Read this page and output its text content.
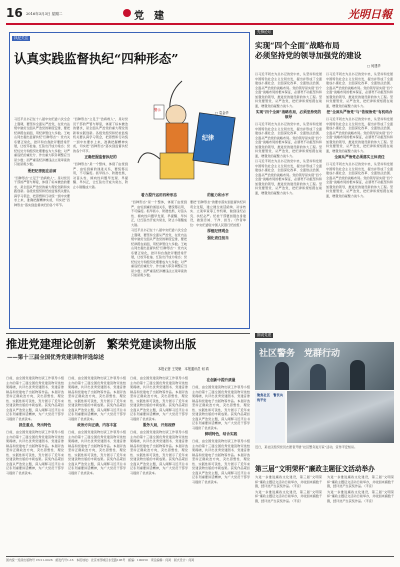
16 2016年3月3日 星期二	党　建	光明日報
执纪关注
认真实践监督执纪“四种形态”
□ 袁金华
纪律
警示

习近平总书记在十八届中央纪委六次全会上强调，要坚持全面从严治党，在党内法规中做好全面从严治党的制度安排，要把纪律挺在前面，用纪律管住大多数。王岐山同志提出监督执纪“四种形态”：党内关系要正常化，批评和自我批评要经常开展，让咬耳扯袖、红脸出汗成为常态；党纪轻处分和组织处理要成为大多数；对严重违纪的重处分、作出重大职务调整应当是少数；而严重违纪涉嫌违法立案审查的只能是极少数。

要把纪律挺在前面

“四种形态”立足于“治病救人”，是对党员干部的严管与厚爱，体现了标本兼治的要求，是全面从严治党的重大理论创新和实践创新。各级党组织和纪检监察机关要认真学习领会，把思想和行动统一到中央要求上来，准确把握精神实质，切实把“四种形态”落实到监督执纪的各个环节。

“四种形态”立足于“治病救人”，是对党员干部的严管与厚爱，体现了标本兼治的要求，是全面从严治党的重大理论创新和实践创新。各级党组织和纪检监察机关要认真学习领会，把思想和行动统一到中央要求上来，准确把握精神实质，切实把“四种形态”落实到监督执纪的各个环节。

正确把握监督执纪的

“四种形态”是一个整体，体现了由宽到严、由轻到重的递进关系，要统筹运用，不可偏废。抓早抓小、防微杜渐，对苗头性、倾向性问题早发现、早提醒、早纠正，让红脸出汗成为常态，防止小错酿成大错。

着力提升运用四种形态

“四种形态”是一个整体，体现了由宽到严、由轻到重的递进关系，要统筹运用，不可偏废。抓早抓小、防微杜渐，对苗头性、倾向性问题早发现、早提醒、早纠正，让红脸出汗成为常态，防止小错酿成大错。

习近平总书记在十八届中央纪委六次全会上强调，要坚持全面从严治党，在党内法规中做好全面从严治党的制度安排，要把纪律挺在前面，用纪律管住大多数。王岐山同志提出监督执纪“四种形态”：党内关系要正常化，批评和自我批评要经常开展，让咬耳扯袖、红脸出汗成为常态；党纪轻处分和组织处理要成为大多数；对严重违纪的重处分、作出重大职务调整应当是少数；而严重违纪涉嫌违法立案审查的只能是极少数。

的能力和水平

要把“四种形态”的要求落实到监督执纪问责全过程，建立健全谈话函询、初步核实、立案审查等工作机制，做到违纪必究、执纪必严。纪检干部要加强自身建设，做到忠诚、干净、担当。（作者单位：中央纪委驻中国人民银行纪检组）

厚植纪律观念
强化责任担当
先锋论坛
实现“四个全面”战略布局
必须坚持党的领导加强党的建设
□ 何建华

以习近平同志为总书记的党中央，从坚持和发展中国特色社会主义全局出发，提出并形成了全面建成小康社会、全面深化改革、全面依法治国、全面从严治党的战略布局。党的领导是实现“四个全面”战略布局的根本保证，必须毫不动摇坚持和加强党的领导，推进党的建设新的伟大工程。坚持党要管党、从严治党，把纪律和规矩挺在前面，增强党的凝聚力战斗力。

实现“四个全面”战略布局，必须坚持党的领导

以习近平同志为总书记的党中央，从坚持和发展中国特色社会主义全局出发，提出并形成了全面建成小康社会、全面深化改革、全面依法治国、全面从严治党的战略布局。党的领导是实现“四个全面”战略布局的根本保证，必须毫不动摇坚持和加强党的领导，推进党的建设新的伟大工程。坚持党要管党、从严治党，把纪律和规矩挺在前面，增强党的凝聚力战斗力。

以习近平同志为总书记的党中央，从坚持和发展中国特色社会主义全局出发，提出并形成了全面建成小康社会、全面深化改革、全面依法治国、全面从严治党的战略布局。党的领导是实现“四个全面”战略布局的根本保证，必须毫不动摇坚持和加强党的领导，推进党的建设新的伟大工程。坚持党要管党、从严治党，把纪律和规矩挺在前面，增强党的凝聚力战斗力。

以习近平同志为总书记的党中央，从坚持和发展中国特色社会主义全局出发，提出并形成了全面建成小康社会、全面深化改革、全面依法治国、全面从严治党的战略布局。党的领导是实现“四个全面”战略布局的根本保证，必须毫不动摇坚持和加强党的领导，推进党的建设新的伟大工程。坚持党要管党、从严治党，把纪律和规矩挺在前面，增强党的凝聚力战斗力。

把“全面从严治党”与“依规治党”有机结合

以习近平同志为总书记的党中央，从坚持和发展中国特色社会主义全局出发，提出并形成了全面建成小康社会、全面深化改革、全面依法治国、全面从严治党的战略布局。党的领导是实现“四个全面”战略布局的根本保证，必须毫不动摇坚持和加强党的领导，推进党的建设新的伟大工程。坚持党要管党、从严治党，把纪律和规矩挺在前面，增强党的凝聚力战斗力。

全面从严治党必须落实主体责任

以习近平同志为总书记的党中央，从坚持和发展中国特色社会主义全局出发，提出并形成了全面建成小康社会、全面深化改革、全面依法治国、全面从严治党的战略布局。党的领导是实现“四个全面”战略布局的根本保证，必须毫不动摇坚持和加强党的领导，推进党的建设新的伟大工程。坚持党要管党、从严治党，把纪律和规矩挺在前面，增强党的凝聚力战斗力。

推进党建理论创新　繁荣党建读物出版
——第十三届全国优秀党建读物评选综述
本报记者 王昊魁　本报通讯员 何 鸿

日前，由全国党建读物出版工作领导小组主办的第十三届全国优秀党建读物评选结果揭晓，共评出优秀党建图书、党建音像制品和党建电子出版物等作品。本届评选坚持正确政治方向，突出思想性、理论性、实践性和可读性，充分展示了近年来党建读物出版的丰硕成果。获奖作品紧扣全面从严治党主题，深入阐释习近平总书记系列重要讲话精神，为广大党员干部学习提供了优质读本。

抓住重点，突出特色

日前，由全国党建读物出版工作领导小组主办的第十三届全国优秀党建读物评选结果揭晓，共评出优秀党建图书、党建音像制品和党建电子出版物等作品。本届评选坚持正确政治方向，突出思想性、理论性、实践性和可读性，充分展示了近年来党建读物出版的丰硕成果。获奖作品紧扣全面从严治党主题，深入阐释习近平总书记系列重要讲话精神，为广大党员干部学习提供了优质读本。

日前，由全国党建读物出版工作领导小组主办的第十三届全国优秀党建读物评选结果揭晓，共评出优秀党建图书、党建音像制品和党建电子出版物等作品。本届评选坚持正确政治方向，突出思想性、理论性、实践性和可读性，充分展示了近年来党建读物出版的丰硕成果。获奖作品紧扣全面从严治党主题，深入阐释习近平总书记系列重要讲话精神，为广大党员干部学习提供了优质读本。

政治方向正确，内容丰富

日前，由全国党建读物出版工作领导小组主办的第十三届全国优秀党建读物评选结果揭晓，共评出优秀党建图书、党建音像制品和党建电子出版物等作品。本届评选坚持正确政治方向，突出思想性、理论性、实践性和可读性，充分展示了近年来党建读物出版的丰硕成果。获奖作品紧扣全面从严治党主题，深入阐释习近平总书记系列重要讲话精神，为广大党员干部学习提供了优质读本。

日前，由全国党建读物出版工作领导小组主办的第十三届全国优秀党建读物评选结果揭晓，共评出优秀党建图书、党建音像制品和党建电子出版物等作品。本届评选坚持正确政治方向，突出思想性、理论性、实践性和可读性，充分展示了近年来党建读物出版的丰硕成果。获奖作品紧扣全面从严治党主题，深入阐释习近平总书记系列重要讲话精神，为广大党员干部学习提供了优质读本。

服务大局，开拓视野

日前，由全国党建读物出版工作领导小组主办的第十三届全国优秀党建读物评选结果揭晓，共评出优秀党建图书、党建音像制品和党建电子出版物等作品。本届评选坚持正确政治方向，突出思想性、理论性、实践性和可读性，充分展示了近年来党建读物出版的丰硕成果。获奖作品紧扣全面从严治党主题，深入阐释习近平总书记系列重要讲话精神，为广大党员干部学习提供了优质读本。

在创新中提升质量

日前，由全国党建读物出版工作领导小组主办的第十三届全国优秀党建读物评选结果揭晓，共评出优秀党建图书、党建音像制品和党建电子出版物等作品。本届评选坚持正确政治方向，突出思想性、理论性、实践性和可读性，充分展示了近年来党建读物出版的丰硕成果。获奖作品紧扣全面从严治党主题，深入阐释习近平总书记系列重要讲话精神，为广大党员干部学习提供了优质读本。

鲜明特色，结合实践

日前，由全国党建读物出版工作领导小组主办的第十三届全国优秀党建读物评选结果揭晓，共评出优秀党建图书、党建音像制品和党建电子出版物等作品。本届评选坚持正确政治方向，突出思想性、理论性、实践性和可读性，充分展示了近年来党建读物出版的丰硕成果。获奖作品紧扣全面从严治党主题，深入阐释习近平总书记系列重要讲话精神，为广大党员干部学习提供了优质读本。

图说党建
社区警务　党群行动
聚焦社区　警民共筑平安
近日，某社区组织党员志愿者开展“社区警务进万家”活动，宣传平安知识。
第三届“文明荣杯”廉政主题征文活动举办

为进一步推进廉政文化建设，第三届“文明荣杯”廉政主题征文活动日前举办，共收到来稿数千篇，经评选产生获奖作品。（平宣）

为进一步推进廉政文化建设，第三届“文明荣杯”廉政主题征文活动日前举办，共收到来稿数千篇，经评选产生获奖作品。（平宣）

为进一步推进廉政文化建设，第三届“文明荣杯”廉政主题征文活动日前举办，共收到来稿数千篇，经评选产生获奖作品。（平宣）

为进一步推进廉政文化建设，第三届“文明荣杯”廉政主题征文活动日前举办，共收到来稿数千篇，经评选产生获奖作品。（平宣）

国内统一连续出版物号 CN11-0026　邮发代号1-16　本报地址：北京市西城区永安路106号　邮编：100050　责任编辑：何鸿　版式设计：何鸿
